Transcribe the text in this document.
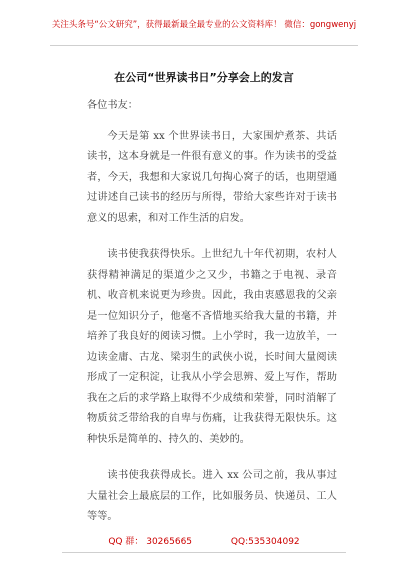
关注头条号“公文研究”，获得最新最全最专业的公文资料库！ 微信：gongwenyj
在公司“世界读书日”分享会上的发言

各位书友：

今天是第 xx 个世界读书日，大家围炉煮茶、共话读书，这本身就是一件很有意义的事。作为读书的受益者，今天，我想和大家说几句掏心窝子的话，也期望通过讲述自己读书的经历与所得，带给大家些许对于读书意义的思索，和对工作生活的启发。

读书使我获得快乐。上世纪九十年代初期，农村人获得精神满足的渠道少之又少，书籍之于电视、录音机、收音机来说更为珍贵。因此，我由衷感恩我的父亲是一位知识分子，他毫不吝惜地买给我大量的书籍，并培养了我良好的阅读习惯。上小学时，我一边放羊，一边读金庸、古龙、梁羽生的武侠小说，长时间大量阅读形成了一定积淀，让我从小学会思辨、爱上写作，帮助我在之后的求学路上取得不少成绩和荣誉，同时消解了物质贫乏带给我的自卑与伤痛，让我获得无限快乐。这种快乐是简单的、持久的、美妙的。

读书使我获得成长。进入 xx 公司之前，我从事过大量社会上最底层的工作，比如服务员、快递员、工人等等。

QQ 群： 30265665	QQ:535304092
